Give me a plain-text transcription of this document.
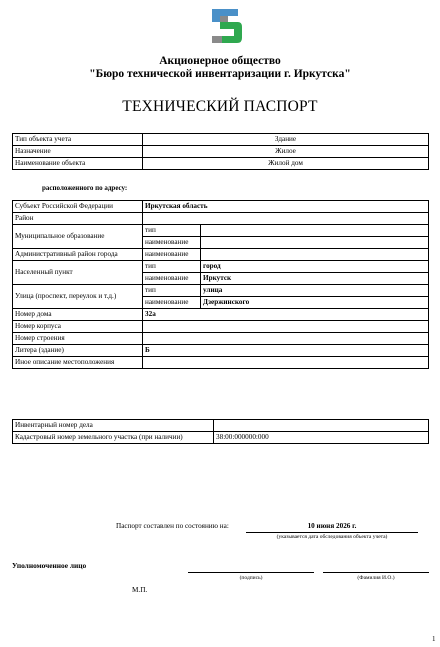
Акционерное общество
"Бюро технической инвентаризации г. Иркутска"
ТЕХНИЧЕСКИЙ ПАСПОРТ
Тип объекта учета	Здание
Назначение	Жилое
Наименование объекта	Жилой дом
расположенного по адресу:
Субъект Российской Федерации	Иркутская область	
Район		
Муниципальное образование	тип	
	наименование	
Административный район города	наименование	
Населенный пункт	тип	город
	наименование	Иркутск
Улица (проспект, переулок и т.д.)	тип	улица
	наименование	Дзержинского
Номер дома	32а	
Номер корпуса		
Номер строения		
Литера (здание)	Б	
Иное описание местоположения		
Инвентарный номер дела	
Кадастровый номер земельного участка (при наличии)	38:00:000000:000
Паспорт составлен по состоянию на:	10 июня 2026 г.
(указывается дата обследования объекта учета)
Уполномоченное лицо
(подпись)	(Фамилия И.О.)
М.П.
1
